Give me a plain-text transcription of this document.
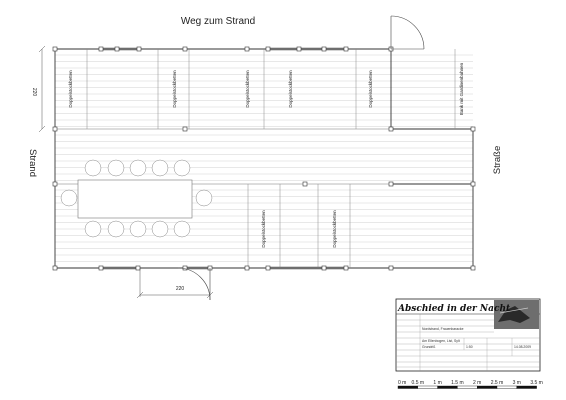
Doppelstockbetten	Doppelstockbetten	Doppelstockbetten	Doppelstockbetten	Doppelstockbetten
Doppelstockbetten	Doppelstockbetten
Bank mit Gardinenbahnen
220
220
Weg zum Strand
Strand	Straße
Abschied in der Nacht
Nordstrand, Frauenbaracke
Am Ellenbogen, List, Sylt
Grundriß	14.08.2009
1:50
0 m 0.5 m 1 m 1.5 m 2 m 2.5 m 3 m 3.5 m
